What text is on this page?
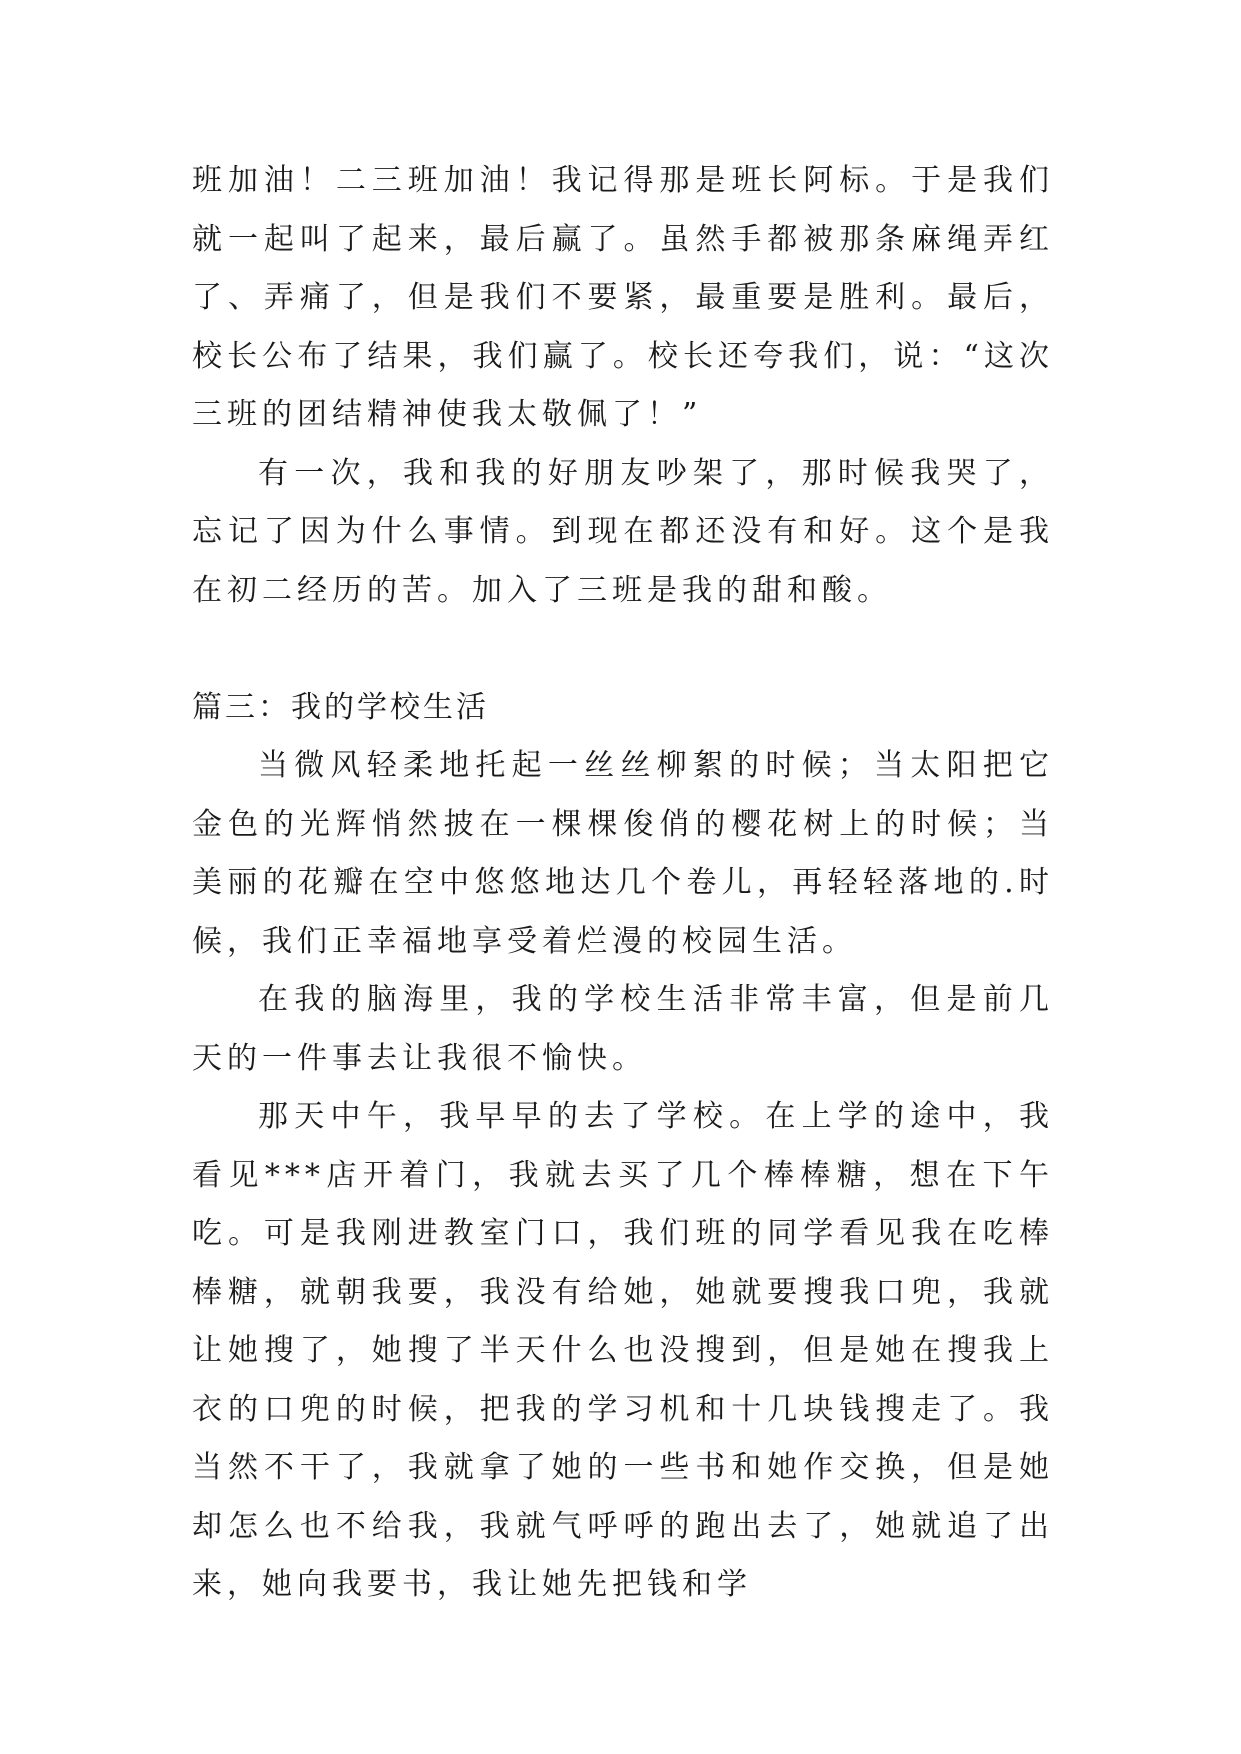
班加油！二三班加油！我记得那是班长阿标。于是我们就一起叫了起来，最后赢了。虽然手都被那条麻绳弄红了、弄痛了，但是我们不要紧，最重要是胜利。最后，校长公布了结果，我们赢了。校长还夸我们，说：“这次三班的团结精神使我太敬佩了！”

有一次，我和我的好朋友吵架了，那时候我哭了，忘记了因为什么事情。到现在都还没有和好。这个是我在初二经历的苦。加入了三班是我的甜和酸。

篇三：我的学校生活

当微风轻柔地托起一丝丝柳絮的时候；当太阳把它金色的光辉悄然披在一棵棵俊俏的樱花树上的时候；当美丽的花瓣在空中悠悠地达几个卷儿，再轻轻落地的.时候，我们正幸福地享受着烂漫的校园生活。

在我的脑海里，我的学校生活非常丰富，但是前几天的一件事去让我很不愉快。

那天中午，我早早的去了学校。在上学的途中，我看见***店开着门，我就去买了几个棒棒糖，想在下午吃。可是我刚进教室门口，我们班的同学看见我在吃棒棒糖，就朝我要，我没有给她，她就要搜我口兜，我就让她搜了，她搜了半天什么也没搜到，但是她在搜我上衣的口兜的时候，把我的学习机和十几块钱搜走了。我当然不干了，我就拿了她的一些书和她作交换，但是她却怎么也不给我，我就气呼呼的跑出去了，她就追了出来，她向我要书，我让她先把钱和学
